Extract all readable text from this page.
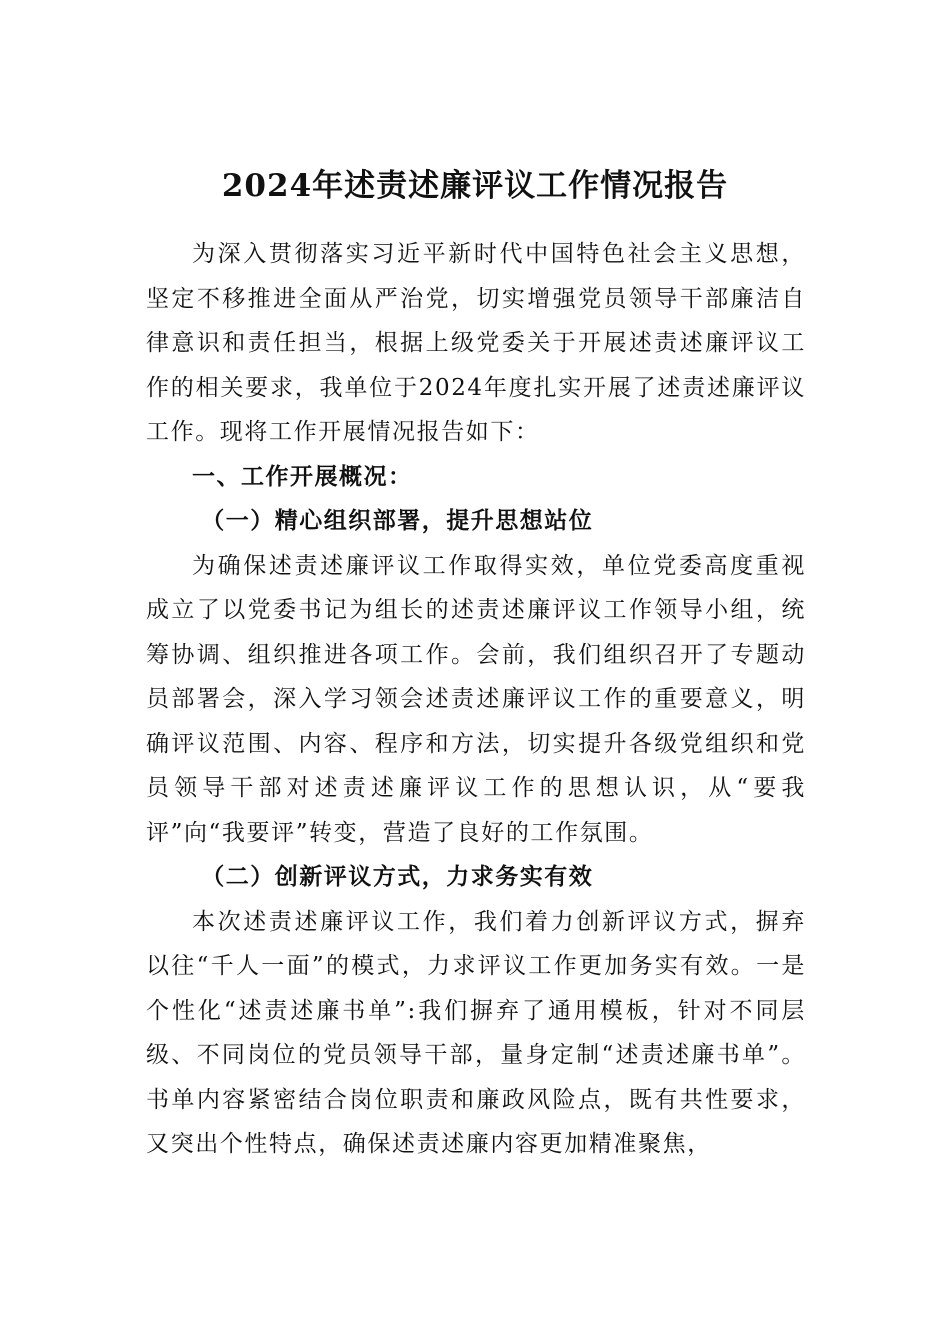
2024年述责述廉评议工作情况报告

为深入贯彻落实习近平新时代中国特色社会主义思想，坚定不移推进全面从严治党，切实增强党员领导干部廉洁自律意识和责任担当，根据上级党委关于开展述责述廉评议工作的相关要求，我单位于2024年度扎实开展了述责述廉评议工作。现将工作开展情况报告如下：

一、工作开展概况：

（一）精心组织部署，提升思想站位

为确保述责述廉评议工作取得实效，单位党委高度重视成立了以党委书记为组长的述责述廉评议工作领导小组，统筹协调、组织推进各项工作。会前，我们组织召开了专题动员部署会，深入学习领会述责述廉评议工作的重要意义，明确评议范围、内容、程序和方法，切实提升各级党组织和党员领导干部对述责述廉评议工作的思想认识，从“要我评”向“我要评”转变，营造了良好的工作氛围。

（二）创新评议方式，力求务实有效

本次述责述廉评议工作，我们着力创新评议方式，摒弃以往“千人一面”的模式，力求评议工作更加务实有效。一是个性化“述责述廉书单”:我们摒弃了通用模板，针对不同层级、不同岗位的党员领导干部，量身定制“述责述廉书单”。书单内容紧密结合岗位职责和廉政风险点，既有共性要求，又突出个性特点，确保述责述廉内容更加精准聚焦，
